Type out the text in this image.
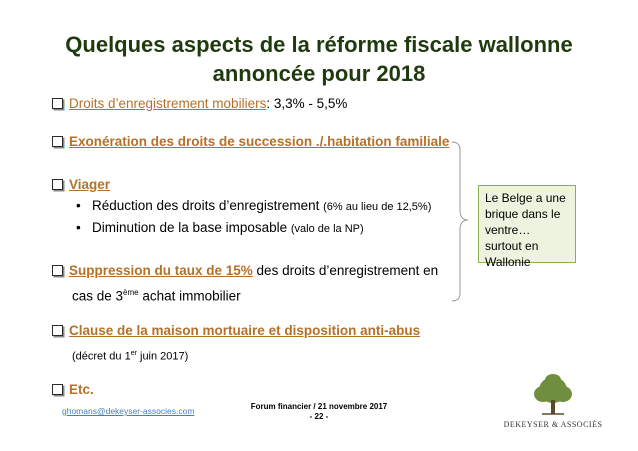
Quelques aspects de la réforme fiscale wallonne
annoncée pour 2018
Droits d’enregistrement mobiliers: 3,3% - 5,5%
Exonération des droits de succession ./.habitation familiale
Viager
• Réduction des droits d’enregistrement (6% au lieu de 12,5%)
• Diminution de la base imposable (valo de la NP)
Suppression du taux de 15% des droits d’enregistrement en
cas de 3ème achat immobilier
Clause de la maison mortuaire et disposition anti-abus
(décret du 1er juin 2017)
Etc.
Le Belge a une brique dans le ventre… surtout en Wallonie
ghomans@dekeyser-associes.com	Forum financier / 21 novembre 2017
- 22 -
DEKEYSER & ASSOCIÉS
